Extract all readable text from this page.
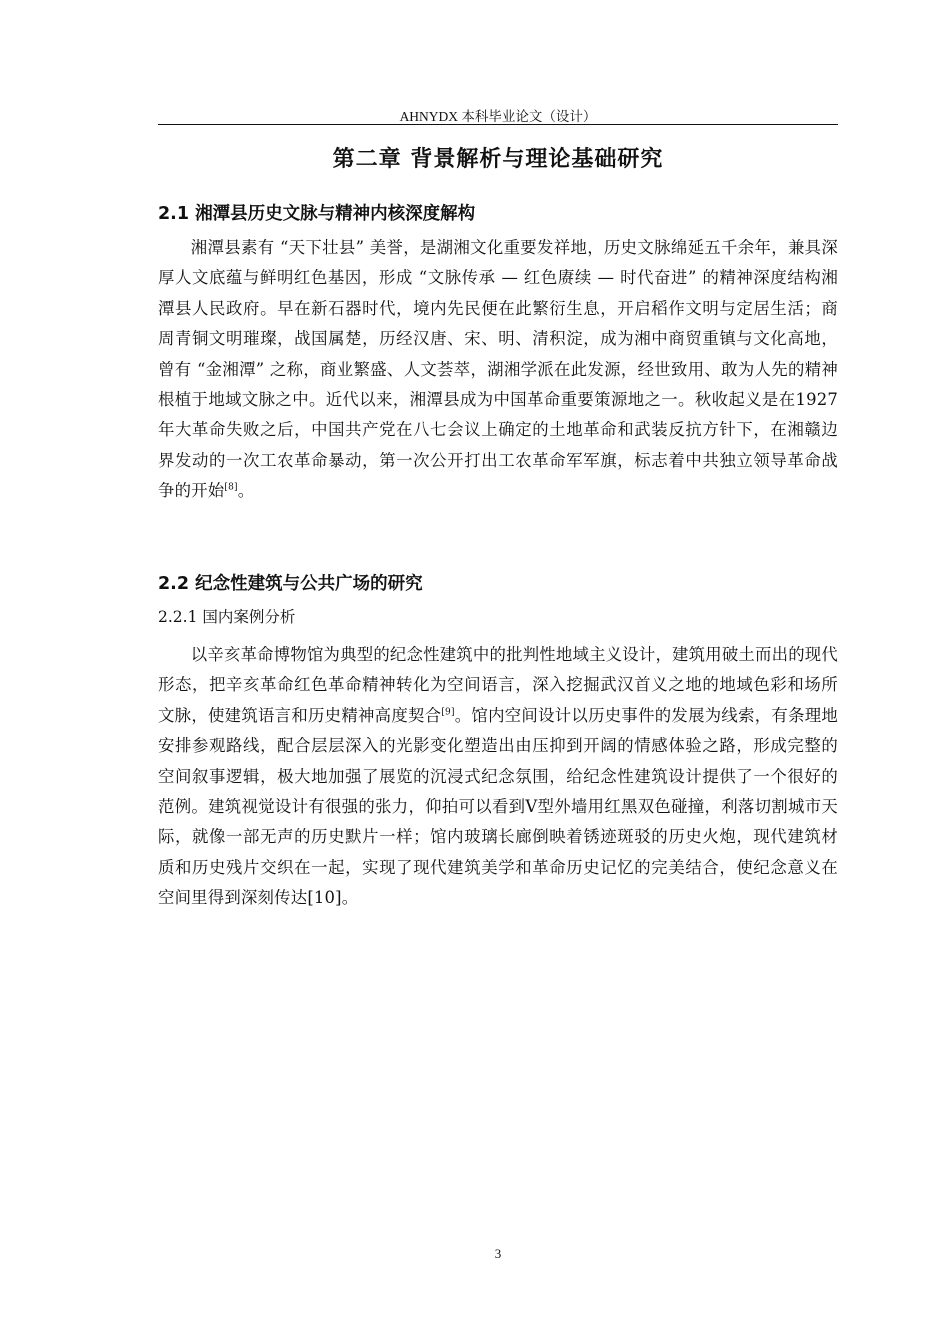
AHNYDX 本科毕业论文（设计）
第二章 背景解析与理论基础研究
2.1 湘潭县历史文脉与精神内核深度解构
湘潭县素有 “天下壮县” 美誉，是湖湘文化重要发祥地，历史文脉绵延五千余年，兼具深厚人文底蕴与鲜明红色基因，形成 “文脉传承 — 红色赓续 — 时代奋进” 的精神深度结构湘潭县人民政府。早在新石器时代，境内先民便在此繁衍生息，开启稻作文明与定居生活；商周青铜文明璀璨，战国属楚，历经汉唐、宋、明、清积淀，成为湘中商贸重镇与文化高地，曾有 “金湘潭” 之称，商业繁盛、人文荟萃，湖湘学派在此发源，经世致用、敢为人先的精神根植于地域文脉之中。近代以来，湘潭县成为中国革命重要策源地之一。秋收起义是在1927年大革命失败之后，中国共产党在八七会议上确定的土地革命和武装反抗方针下，在湘赣边界发动的一次工农革命暴动，第一次公开打出工农革命军军旗，标志着中共独立领导革命战争的开始[8]。
2.2 纪念性建筑与公共广场的研究
2.2.1 国内案例分析
以辛亥革命博物馆为典型的纪念性建筑中的批判性地域主义设计，建筑用破土而出的现代形态，把辛亥革命红色革命精神转化为空间语言，深入挖掘武汉首义之地的地域色彩和场所文脉，使建筑语言和历史精神高度契合[9]。馆内空间设计以历史事件的发展为线索，有条理地安排参观路线，配合层层深入的光影变化塑造出由压抑到开阔的情感体验之路，形成完整的空间叙事逻辑，极大地加强了展览的沉浸式纪念氛围，给纪念性建筑设计提供了一个很好的范例。建筑视觉设计有很强的张力，仰拍可以看到V型外墙用红黑双色碰撞，利落切割城市天际，就像一部无声的历史默片一样；馆内玻璃长廊倒映着锈迹斑驳的历史火炮，现代建筑材质和历史残片交织在一起，实现了现代建筑美学和革命历史记忆的完美结合，使纪念意义在空间里得到深刻传达[10]。
3
